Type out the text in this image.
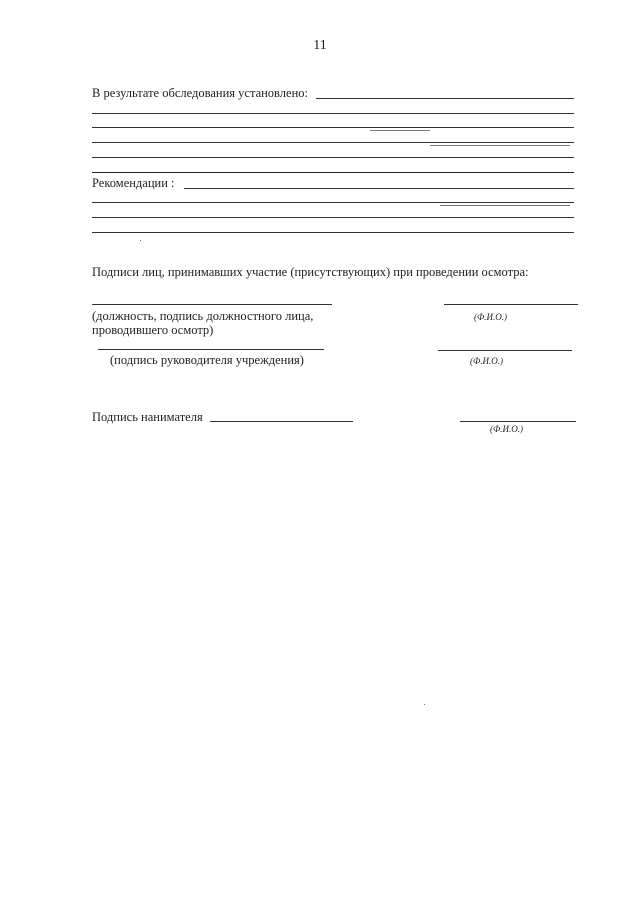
11
В результате обследования установлено:
Рекомендации :
Подписи лиц, принимавших участие (присутствующих) при проведении осмотра:
(должность, подпись должностного лица,
проводившего осмотр)
(Ф.И.О.)
(подпись руководителя учреждения)	(Ф.И.О.)
Подпись нанимателя
(Ф.И.О.)
